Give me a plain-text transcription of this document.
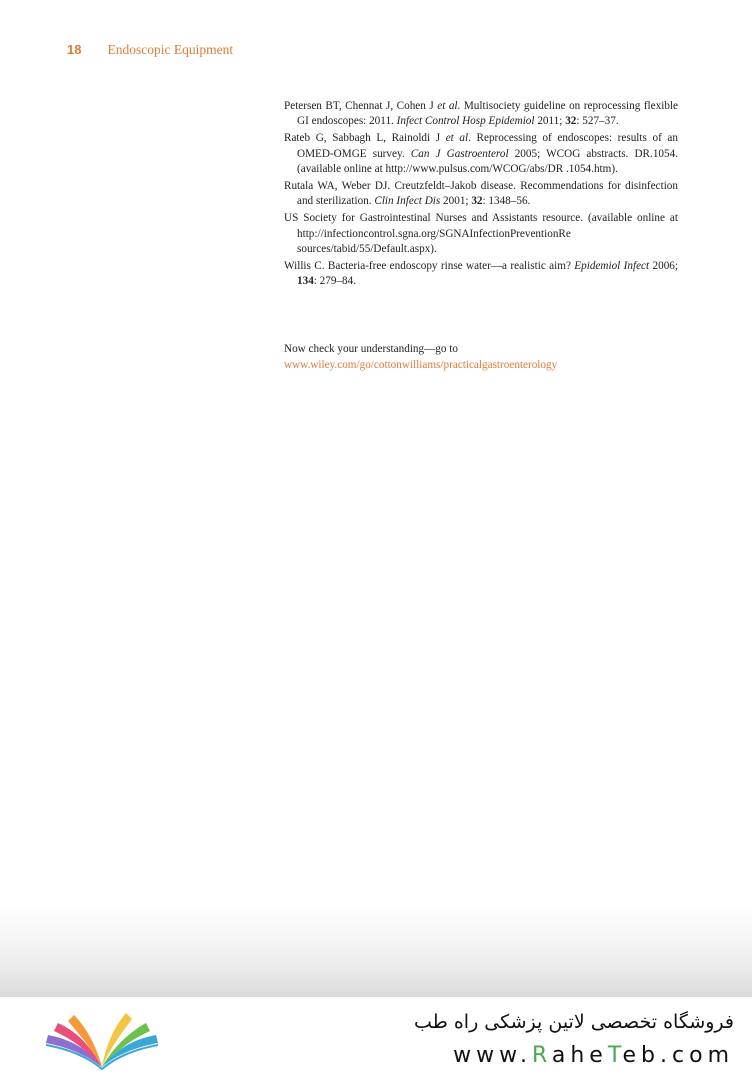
18 Endoscopic Equipment

Petersen BT, Chennat J, Cohen J et al. Multisociety guideline on reprocessing flexible GI endoscopes: 2011. Infect Control Hosp Epidemiol 2011; 32: 527–37.

Rateb G, Sabbagh L, Rainoldi J et al. Reprocessing of endoscopes: results of an OMED-OMGE survey. Can J Gastroenterol 2005; WCOG abstracts. DR.1054. (available online at http://www.pulsus.com/WCOG/abs/DR .1054.htm).

Rutala WA, Weber DJ. Creutzfeldt–Jakob disease. Recommendations for disinfection and sterilization. Clin Infect Dis 2001; 32: 1348–56.

US Society for Gastrointestinal Nurses and Assistants resource. (available online at http://infectioncontrol.sgna.org/SGNAInfectionPreventionRe sources/tabid/55/Default.aspx).

Willis C. Bacteria-free endoscopy rinse water—a realistic aim? Epidemiol Infect 2006; 134: 279–84.

Now check your understanding—go to
www.wiley.com/go/cottonwilliams/practicalgastroenterology
فروشگاه تخصصی لاتین پزشکی راه طب
www.RaheTeb.com
